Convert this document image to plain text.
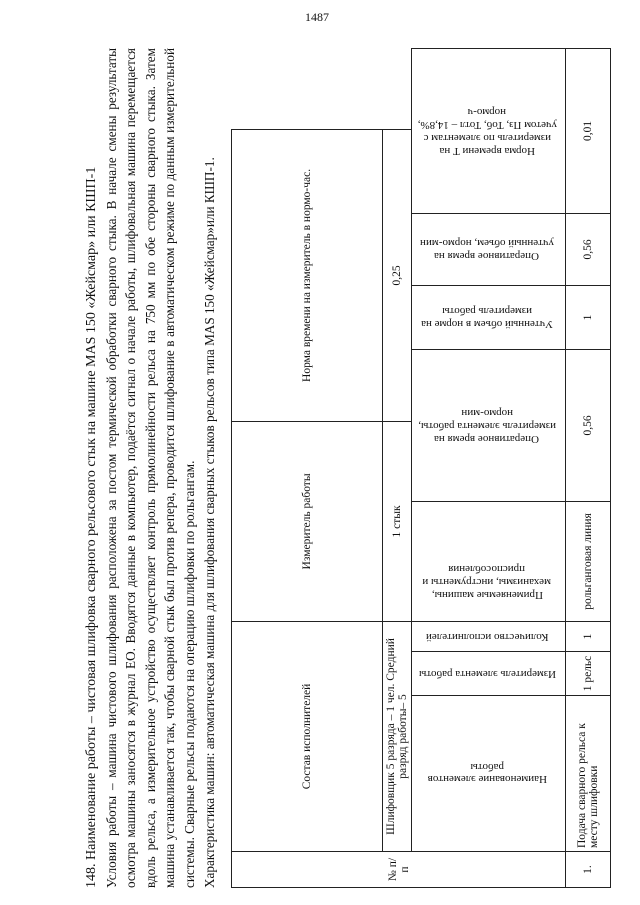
1487

148. Наименование работы – чистовая шлифовка сварного рельсового стык на машине MAS 150 «Жейсмар» или КШП-1 Условия работы – машина чистового шлифования расположена за постом термической обработки сварного стыка. В начале смены результаты осмотра машины заносятся в журнал ЕО. Вводятся данные в компьютер, подаётся сигнал о начале работы, шлифовальная машина перемещается вдоль рельса, а измерительное устройство осуществляет контроль прямолинейности рельса на 750 мм по обе стороны сварного стыка. Затем машина устанавливается так, чтобы сварной стык был против репера, проводится шлифование в автоматическом режиме по данным измерительной системы. Сварные рельсы подаются на операцию шлифовки по рольгангам. Характеристика машин: автоматическая машина для шлифования сварных стыков рельсов типа MAS 150 «Жейсмар»или КШП-1.	№ п/п	Состав исполнителей			Измеритель работы		Норма времени на измеритель в нормо-час.			
	Шлифовщик 5 разряда – 1 чел. Средний разряд работы– 5			1 стык		0,25			
	Наименование элементов работы	Измеритель элемента работы	Количество исполнителей	Применяемые машины, механизмы, инструменты и приспособления	Оперативное время на измеритель элемента работы, нормо-мин		Учтенный объем в норме на измеритель работы	Оперативное время на учтенный объем, нормо-мин	Норма времени Т на измеритель по элементам с учетом Пз, Тоб, Тотл – 14,8%, нормо-ч
1.	Подача сварного рельса к месту шлифовки	1 рельс	1	рольганговая линия	0,56		1	0,56	0,01
